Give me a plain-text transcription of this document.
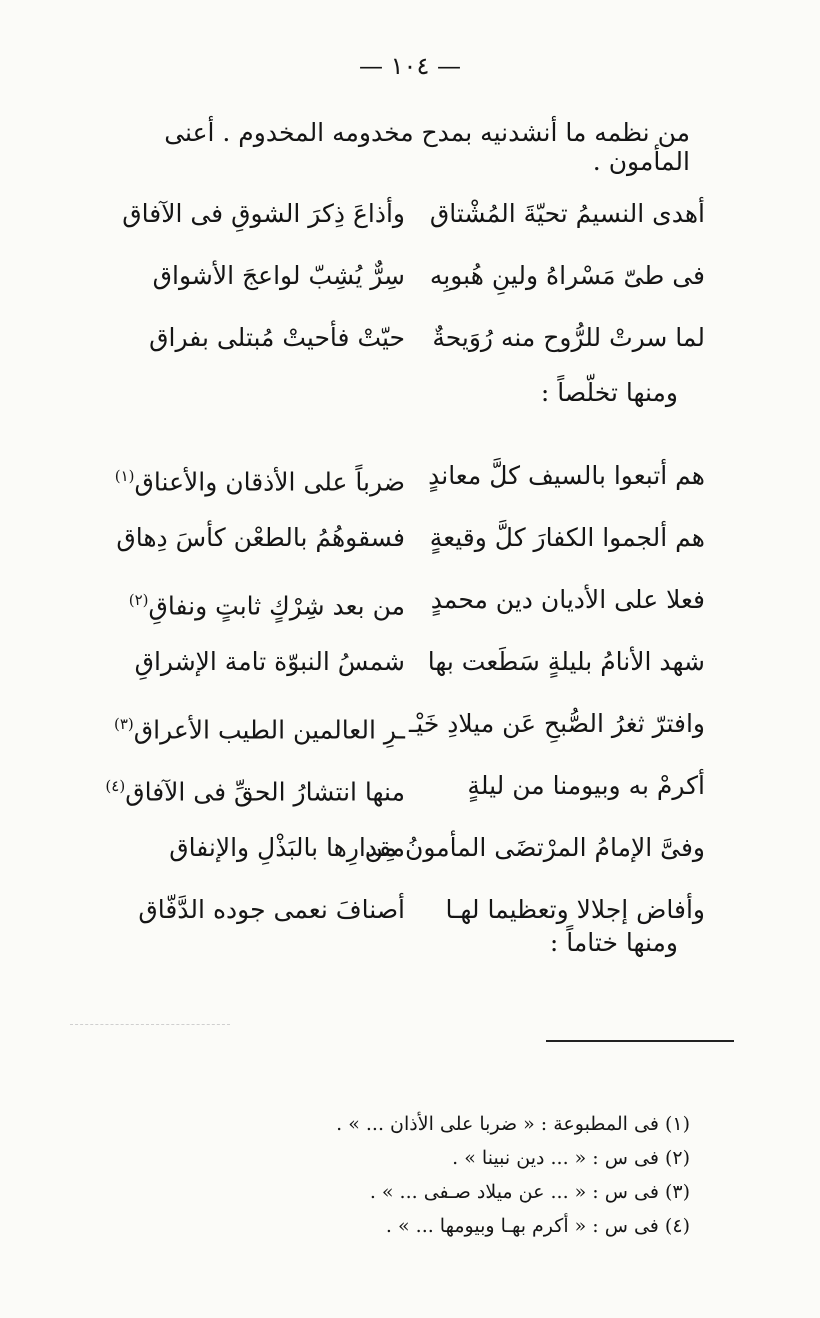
— ١٠٤ —
من نظمه ما أنشدنيه بمدح مخدومه المخدوم . أعنى المأمون .
أهدى النسيمُ تحيّةَ المُشْتاق
وأذاعَ ذِكرَ الشوقِ فى الآفاق
فى طىّ مَسْراهُ ولينِ هُبوبِه
سِرٌّ يُشِبّ لواعجَ الأشواق
لما سرتْ للرُّوح منه رُوَيحةٌ
حيّتْ فأحيتْ مُبتلى بفراق
ومنها تخلّصاً :
هم أتبعوا بالسيف كلَّ معاندٍ
ضرباً على الأذقان والأعناق$^{(١)}$
هم ألجموا الكفارَ كلَّ وقيعةٍ
فسقوهُمُ بالطعْن كأسَ دِهاق
فعلا على الأديان دين محمدٍ
من بعد شِرْكٍ ثابتٍ ونفاقِ$^{(٢)}$
شهد الأنامُ بليلةٍ سَطَعت بها
شمسُ النبوّة تامة الإشراقِ
وافترّ ثغرُ الصُّبحِ عَن ميلادِ خَيْـ
ـرِ العالمين الطيب الأعراق$^{(٣)}$
أكرمْ به وبيومنا من ليلةٍ
منها انتشارُ الحقِّ فى الآفاق$^{(٤)}$
وفىَّ الإمامُ المرْتضَى المأمونُ مِن
مقدارِها بالبَذْلِ والإنفاق
وأفاض إجلالا وتعظيما لهـا
أصنافَ نعمى جوده الدَّفّاق
ومنها ختاماً :
(١) فى المطبوعة : « ضربا على الأذان ... » .
(٢) فى س : « ... دين نبينا » .
(٣) فى س : « ... عن ميلاد صـفى ... » .
(٤) فى س : « أكرم بهـا وبيومها ... » .
